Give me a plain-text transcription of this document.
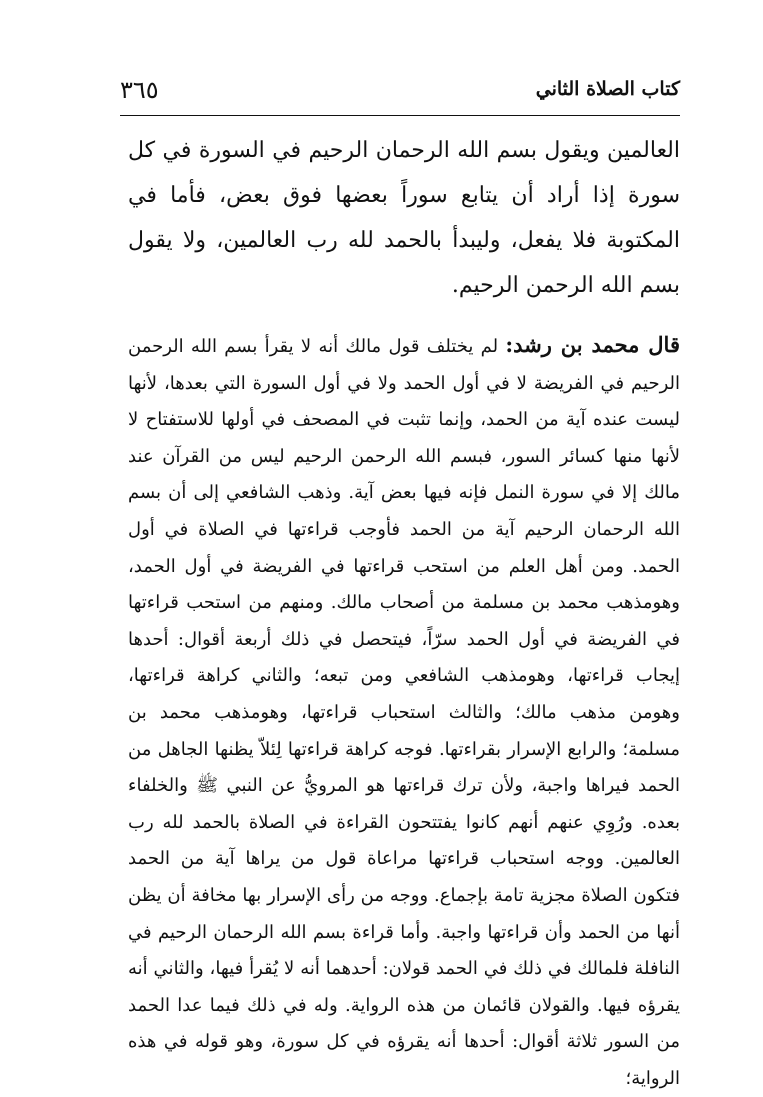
كتاب الصلاة الثاني
٣٦٥

العالمين ويقول بسم الله الرحمان الرحيم في السورة في كل سورة إذا أراد أن يتابع سوراً بعضها فوق بعض، فأما في المكتوبة فلا يفعل، وليبدأ بالحمد لله رب العالمين، ولا يقول بسم الله الرحمن الرحيم.

قال محمد بن رشد: لم يختلف قول مالك أنه لا يقرأ بسم الله الرحمن الرحيم في الفريضة لا في أول الحمد ولا في أول السورة التي بعدها، لأنها ليست عنده آية من الحمد، وإنما تثبت في المصحف في أولها للاستفتاح لا لأنها منها كسائر السور، فبسم الله الرحمن الرحيم ليس من القرآن عند مالك إلا في سورة النمل فإنه فيها بعض آية. وذهب الشافعي إلى أن بسم الله الرحمان الرحيم آية من الحمد فأوجب قراءتها في الصلاة في أول الحمد. ومن أهل العلم من استحب قراءتها في الفريضة في أول الحمد، وهومذهب محمد بن مسلمة من أصحاب مالك. ومنهم من استحب قراءتها في الفريضة في أول الحمد سرّاً، فيتحصل في ذلك أربعة أقوال: أحدها إيجاب قراءتها، وهومذهب الشافعي ومن تبعه؛ والثاني كراهة قراءتها، وهومن مذهب مالك؛ والثالث استحباب قراءتها، وهومذهب محمد بن مسلمة؛ والرابع الإسرار بقراءتها. فوجه كراهة قراءتها لِئلاّ يظنها الجاهل من الحمد فيراها واجبة، ولأن ترك قراءتها هو المرويُّ عن النبي ﷺ والخلفاء بعده. ورُوِي عنهم أنهم كانوا يفتتحون القراءة في الصلاة بالحمد لله رب العالمين. ووجه استحباب قراءتها مراعاة قول من يراها آية من الحمد فتكون الصلاة مجزية تامة بإجماع. ووجه من رأى الإسرار بها مخافة أن يظن أنها من الحمد وأن قراءتها واجبة. وأما قراءة بسم الله الرحمان الرحيم في النافلة فلمالك في ذلك في الحمد قولان: أحدهما أنه لا يُقرأ فيها، والثاني أنه يقرؤه فيها. والقولان قائمان من هذه الرواية. وله في ذلك فيما عدا الحمد من السور ثلاثة أقوال: أحدها أنه يقرؤه في كل سورة، وهو قوله في هذه الرواية؛
